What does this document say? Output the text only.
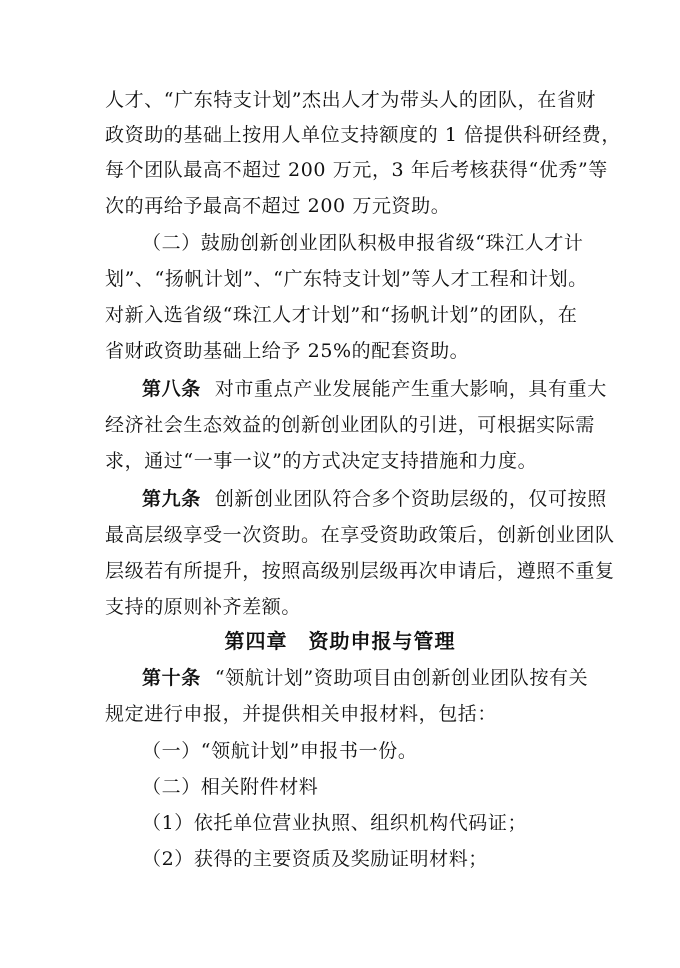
人才、“广东特支计划”杰出人才为带头人的团队，在省财
政资助的基础上按用人单位支持额度的 1 倍提供科研经费，
每个团队最高不超过 200 万元，3 年后考核获得“优秀”等
次的再给予最高不超过 200 万元资助。
（二）鼓励创新创业团队积极申报省级“珠江人才计
划”、“扬帆计划”、“广东特支计划”等人才工程和计划。
对新入选省级“珠江人才计划”和“扬帆计划”的团队，在
省财政资助基础上给予 25%的配套资助。
第八条 对市重点产业发展能产生重大影响，具有重大
经济社会生态效益的创新创业团队的引进，可根据实际需
求，通过“一事一议”的方式决定支持措施和力度。
第九条 创新创业团队符合多个资助层级的，仅可按照
最高层级享受一次资助。在享受资助政策后，创新创业团队
层级若有所提升，按照高级别层级再次申请后，遵照不重复
支持的原则补齐差额。
第四章　资助申报与管理
第十条 “领航计划”资助项目由创新创业团队按有关
规定进行申报，并提供相关申报材料，包括：
（一）“领航计划”申报书一份。
（二）相关附件材料
（1）依托单位营业执照、组织机构代码证；
（2）获得的主要资质及奖励证明材料；
